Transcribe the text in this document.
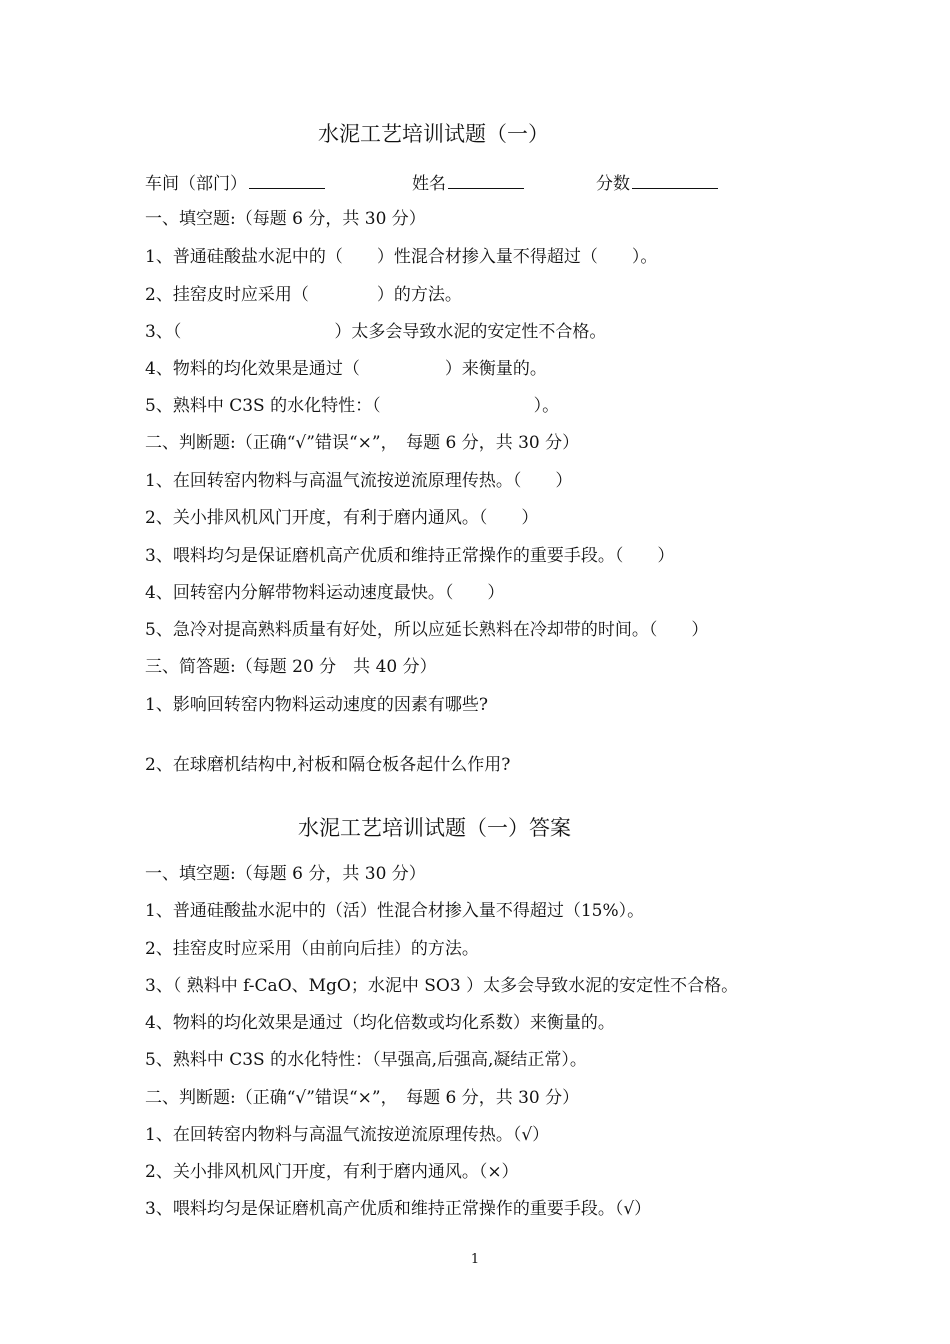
水泥工艺培训试题（一）
车间（部门）	姓名	分数
一、填空题:（每题 6 分，共 30 分）
1、普通硅酸盐水泥中的（　　）性混合材掺入量不得超过（　　）。
2、挂窑皮时应采用（　　　　）的方法。
3、（　　　　　　　　　）太多会导致水泥的安定性不合格。
4、物料的均化效果是通过（　　　　　）来衡量的。
5、熟料中 C3S 的水化特性：（　　　　　　　　　）。
二、判断题:（正确“√”错误“×”，　每题 6 分，共 30 分）
1、在回转窑内物料与高温气流按逆流原理传热。（　　）
2、关小排风机风门开度，有利于磨内通风。（　　）
3、喂料均匀是保证磨机高产优质和维持正常操作的重要手段。（　　）
4、回转窑内分解带物料运动速度最快。（　　）
5、急冷对提高熟料质量有好处，所以应延长熟料在冷却带的时间。（　　）
三、简答题:（每题 20 分　共 40 分）
1、影响回转窑内物料运动速度的因素有哪些?
2、在球磨机结构中,衬板和隔仓板各起什么作用?
水泥工艺培训试题（一）答案
一、填空题:（每题 6 分，共 30 分）
1、普通硅酸盐水泥中的（活）性混合材掺入量不得超过（15%）。
2、挂窑皮时应采用（由前向后挂）的方法。
3、（ 熟料中 f-CaO、MgO；水泥中 SO3 ）太多会导致水泥的安定性不合格。
4、物料的均化效果是通过（均化倍数或均化系数）来衡量的。
5、熟料中 C3S 的水化特性：（早强高,后强高,凝结正常）。
二、判断题:（正确“√”错误“×”，　每题 6 分，共 30 分）
1、在回转窑内物料与高温气流按逆流原理传热。（√）
2、关小排风机风门开度，有利于磨内通风。（×）
3、喂料均匀是保证磨机高产优质和维持正常操作的重要手段。（√）
1
